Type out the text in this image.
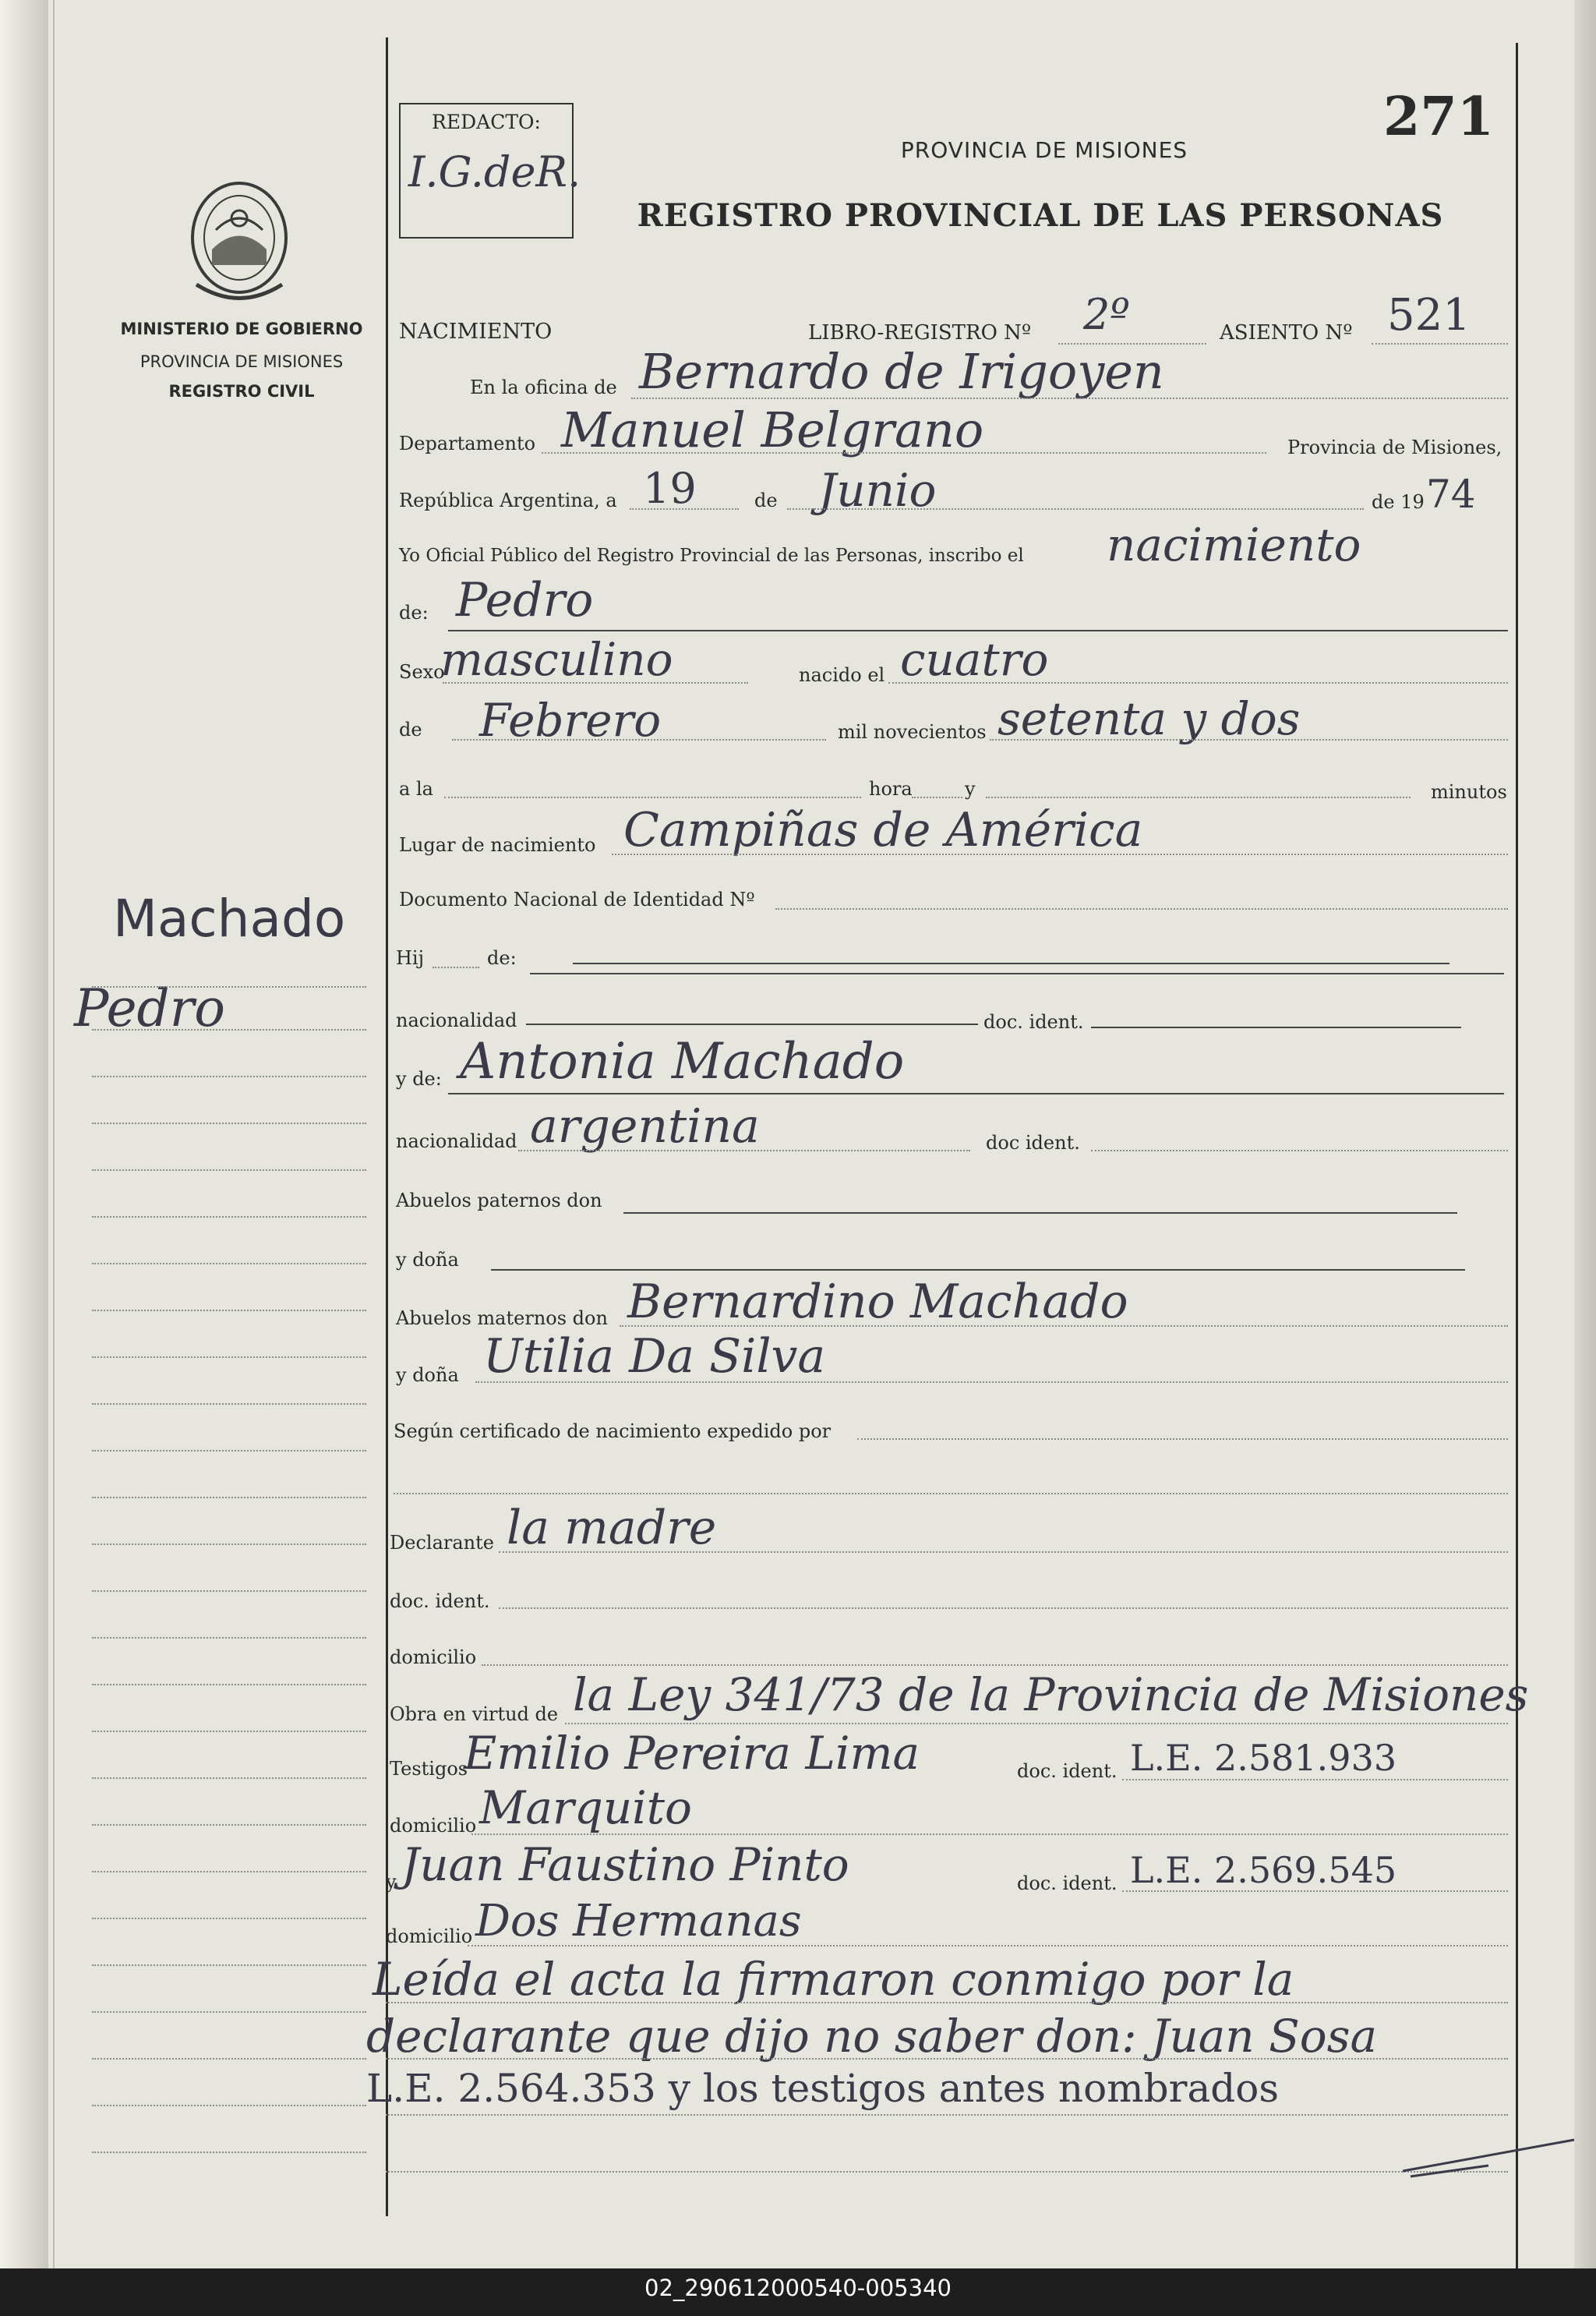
MINISTERIO DE GOBIERNO
PROVINCIA DE MISIONES
REGISTRO CIVIL
Machado
Pedro
REDACTO:
I.G.deR.	PROVINCIA DE MISIONES
REGISTRO PROVINCIAL DE LAS PERSONAS
271
NACIMIENTO	LIBRO-REGISTRO Nº 2º	ASIENTO Nº 521
En la oficina de Bernardo de Irigoyen
Departamento Manuel Belgrano	Provincia de Misiones,
República Argentina, a 19	de Junio	de 19 74
Yo Oficial Público del Registro Provincial de las Personas, inscribo el nacimiento
de: Pedro
Sexo
masculino	nacido el cuatro
de Febrero	mil novecientos setenta y dos
a la	hora	y	minutos
Lugar de nacimiento Campiñas de América
Documento Nacional de Identidad Nº
Hij	de:
nacionalidad	doc. ident.
y de: Antonia Machado
nacionalidad argentina	doc ident.
Abuelos paternos don
y doña
Abuelos maternos don Bernardino Machado
y doña Utilia Da Silva
Según certificado de nacimiento expedido por
Declarante la madre
doc. ident.
domicilio
Obra en virtud de la Ley 341/73 de la Provincia de Misiones
Testigos
Emilio Pereira Lima	doc. ident. L.E. 2.581.933
domicilio Marquito
y Juan Faustino Pinto	doc. ident. L.E. 2.569.545
domicilio Dos Hermanas
Leída el acta la firmaron conmigo por la
declarante que dijo no saber don: Juan Sosa
L.E. 2.564.353 y los testigos antes nombrados
02_290612000540-005340
